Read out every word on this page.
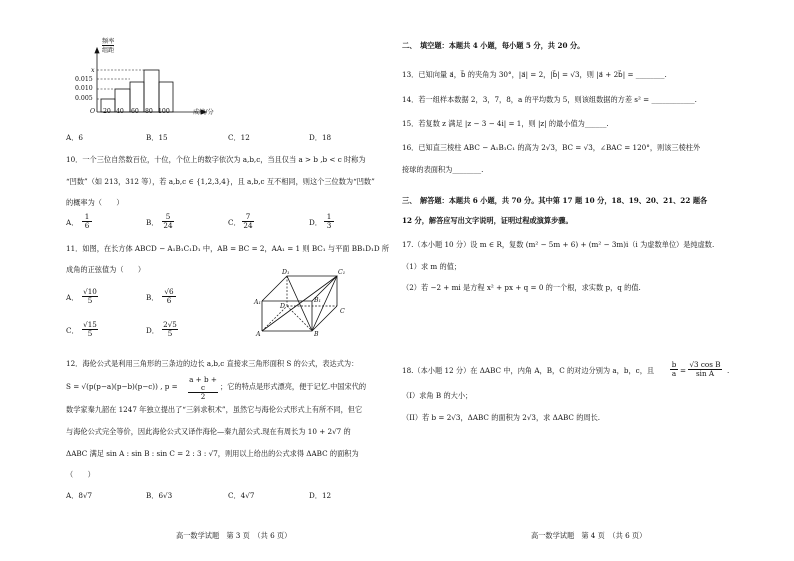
频率
组距
x
0.015
0.010
0.005
O 20 40 60 80 100	成绩/分
A．6	B．15	C．12	D．18
10．一个三位自然数百位，十位，个位上的数字依次为 a,b,c，当且仅当 a > b ,b < c 时称为
“凹数”（如 213，312 等），若 a,b,c ∈ {1,2,3,4}，且 a,b,c 互不相同，则这个三位数为“凹数”
的概率为（　　）
A． $\frac{1}{6}$	B． $\frac{5}{24}$	C． $\frac{7}{24}$	D． $\frac{1}{3}$
11．如图，在长方体 ABCD − A₁B₁C₁D₁ 中，AB = BC = 2，AA₁ = 1 则 BC₁ 与平面 BB₁D₁D 所
成角的正弦值为（　　）
A． $\frac{√10}{5}$	B． $\frac{√6}{6}$
C． $\frac{√15}{5}$	D． $\frac{2√5}{5}$
D₁	C₁
A₁	B₁
D
C
A	B
12．海伦公式是利用三角形的三条边的边长 a,b,c 直接求三角形面积 S 的公式，表达式为：
S = √(p(p−a)(p−b)(p−c)) , $p = \frac{a + b + c}{2}$ ；它的特点是形式漂亮，便于记忆.中国宋代的
数学家秦九韶在 1247 年独立提出了“三斜求积术”，虽然它与海伦公式形式上有所不同，但它
与海伦公式完全等价，因此海伦公式又译作海伦—秦九韶公式.现在有周长为 10 + 2√7 的
ΔABC 满足 sin A : sin B : sin C = 2 : 3 : √7，则用以上给出的公式求得 ΔABC 的面积为
（　　）
A．8√7	B．6√3	C．4√7	D．12
高一数学试题　第 3 页　（共 6 页）
二、　填空题：本题共 4 小题，每小题 5 分，共 20 分。
13．已知向量 a⃗，b⃗ 的夹角为 30°，|a⃗| = 2，|b⃗| = √3，则 |a⃗ + 2b⃗| = ________.
14．若一组样本数据 2，3，7，8，a 的平均数为 5，则该组数据的方差 s² = ____________.
15．若复数 z 满足 |z − 3 − 4i| = 1，则 |z| 的最小值为______.
16．已知直三棱柱 ABC − A₁B₁C₁ 的高为 2√3，BC = √3，∠BAC = 120°，则该三棱柱外
接球的表面积为________.
三、　解答题：本题共 6 小题，共 70 分。其中第 17 题 10 分，18、19、20、21、22 题各
12 分，解答应写出文字说明，证明过程或演算步骤。
17.（本小题 10 分）设 m ∈ R，复数 (m² − 5m + 6) + (m² − 3m)i（i 为虚数单位）是纯虚数.
（1）求 m 的值；
（2）若 −2 + mi 是方程 x² + px + q = 0 的一个根，求实数 p，q 的值.
18.（本小题 12 分）在 ΔABC 中，内角 A，B，C 的对边分别为 a，b，c，且 $\frac{b}{a} = \frac{\text{√3 cos B}}{\text{sin A}}$ .
（I）求角 B 的大小；
（II）若 b = 2√3，ΔABC 的面积为 2√3，求 ΔABC 的周长.
高一数学试题　第 4 页　（共 6 页）
